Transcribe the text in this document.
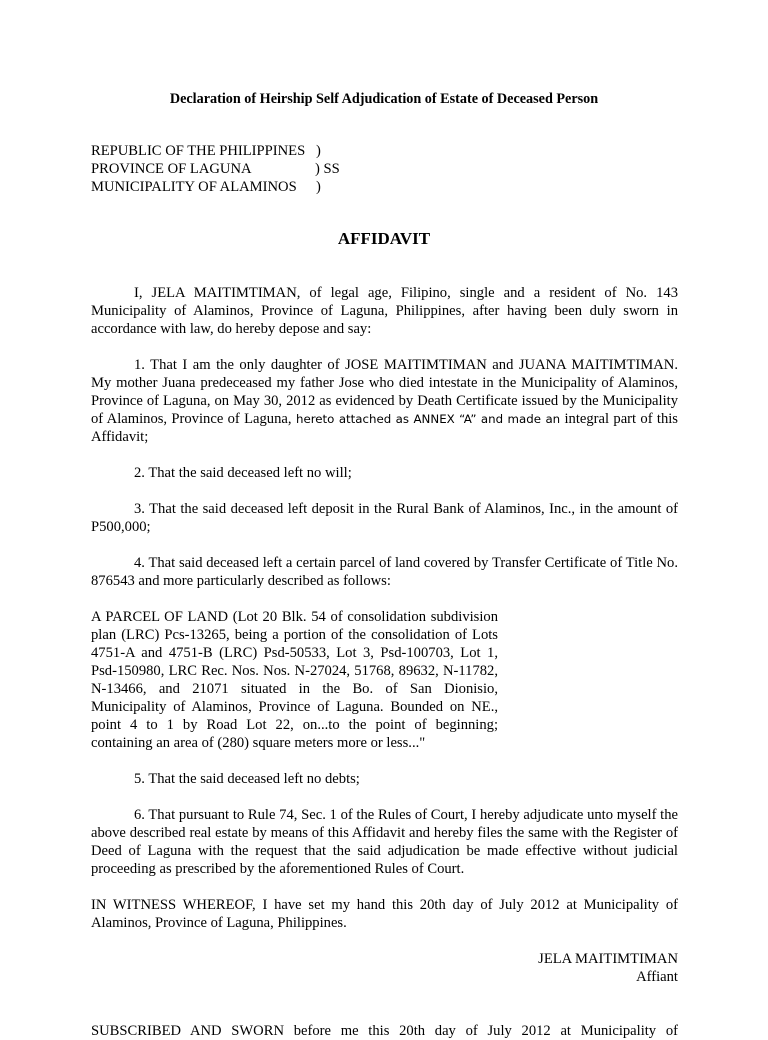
Declaration of Heirship Self Adjudication of Estate of Deceased Person
REPUBLIC OF THE PHILIPPINES )
PROVINCE OF LAGUNA	) SS
MUNICIPALITY OF ALAMINOS )
AFFIDAVIT

I, JELA MAITIMTIMAN, of legal age, Filipino, single and a resident of No. 143 Municipality of Alaminos, Province of Laguna, Philippines, after having been duly sworn in accordance with law, do hereby depose and say:

1. That I am the only daughter of JOSE MAITIMTIMAN and JUANA MAITIMTIMAN. My mother Juana predeceased my father Jose who died intestate in the Municipality of Alaminos, Province of Laguna, on May 30, 2012 as evidenced by Death Certificate issued by the Municipality of Alaminos, Province of Laguna, hereto attached as ANNEX “A” and made an integral part of this Affidavit;

2. That the said deceased left no will;

3. That the said deceased left deposit in the Rural Bank of Alaminos, Inc., in the amount of P500,000;

4. That said deceased left a certain parcel of land covered by Transfer Certificate of Title No. 876543 and more particularly described as follows:

A PARCEL OF LAND (Lot 20 Blk. 54 of consolidation subdivision plan (LRC) Pcs-13265, being a portion of the consolidation of Lots 4751-A and 4751-B (LRC) Psd-50533, Lot 3, Psd-100703, Lot 1, Psd-150980, LRC Rec. Nos. Nos. N-27024, 51768, 89632, N-11782, N-13466, and 21071 situated in the Bo. of San Dionisio, Municipality of Alaminos, Province of Laguna. Bounded on NE., point 4 to 1 by Road Lot 22, on...to the point of beginning; containing an area of (280) square meters more or less..."

5. That the said deceased left no debts;

6. That pursuant to Rule 74, Sec. 1 of the Rules of Court, I hereby adjudicate unto myself the above described real estate by means of this Affidavit and hereby files the same with the Register of Deed of Laguna with the request that the said adjudication be made effective without judicial proceeding as prescribed by the aforementioned Rules of Court.

IN WITNESS WHEREOF, I have set my hand this 20th day of July 2012 at Municipality of Alaminos, Province of Laguna, Philippines.

JELA MAITIMTIMAN
Affiant

SUBSCRIBED AND SWORN before me this 20th day of July 2012 at Municipality of
